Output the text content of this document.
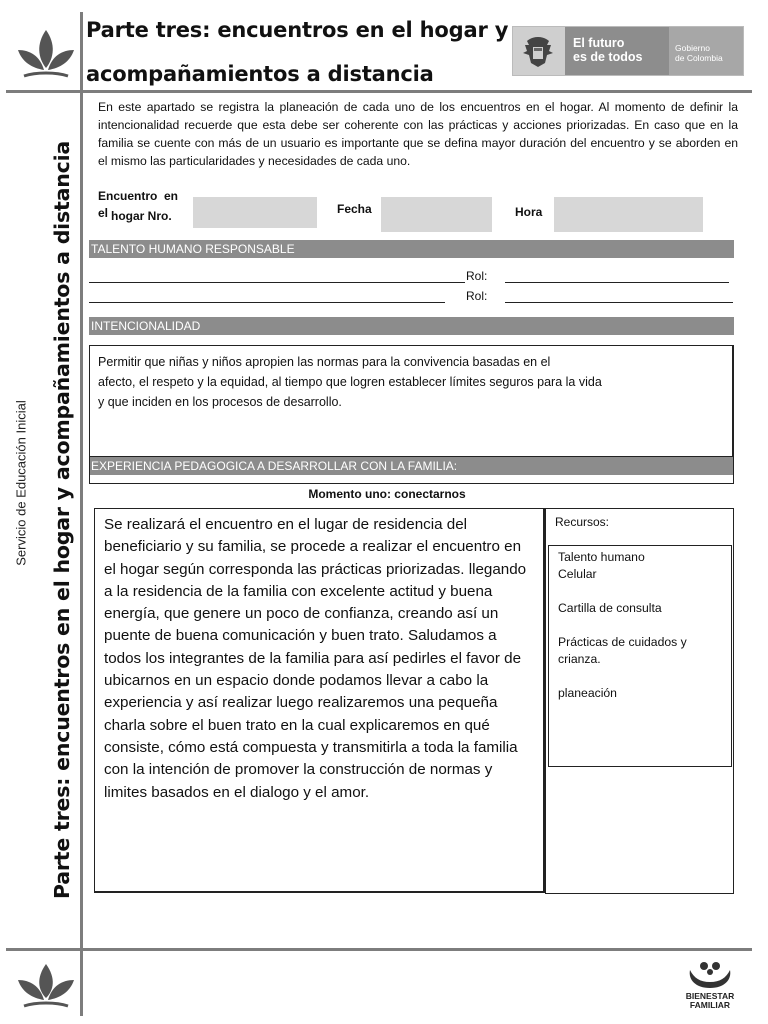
Parte tres: encuentros en el hogar y
acompañamientos a distancia
El futuro
es de todos
Gobierno
de Colombia
Parte tres: encuentros en el hogar y acompañamientos a distancia
Servicio de Educación Inicial
En este apartado se registra la planeación de cada uno de los encuentros en el hogar. Al momento de definir la intencionalidad recuerde que esta debe ser coherente con las prácticas y acciones priorizadas. En caso que en la familia se cuente con más de un usuario es importante que se defina mayor duración del encuentro y se aborden en el mismo las particularidades y necesidades de cada uno.
Encuentro  en
el hogar Nro.	Fecha	Hora
TALENTO HUMANO RESPONSABLE
Rol:
Rol:
INTENCIONALIDAD
Permitir que niñas y niños apropien las normas para la convivencia basadas en el
afecto, el respeto y la equidad, al tiempo que logren establecer límites seguros para la vida
y que inciden en los procesos de desarrollo.
EXPERIENCIA PEDAGOGICA A DESARROLLAR CON LA FAMILIA:
Momento uno: conectarnos
Se realizará el encuentro en el lugar de residencia del beneficiario y su familia, se procede a realizar el encuentro en el hogar según corresponda las prácticas priorizadas. llegando a la residencia de la familia con excelente actitud y buena energía, que genere un poco de confianza, creando así un puente de buena comunicación y buen trato. Saludamos a todos los integrantes de la familia para así pedirles el favor de ubicarnos en un espacio donde podamos llevar a cabo la experiencia y así realizar luego realizaremos una pequeña charla sobre el buen trato en la cual explicaremos en qué consiste, cómo está compuesta y transmitirla a toda la familia con la intención de promover la construcción de normas y limites basados en el dialogo y el amor.
Recursos:
Talento humano
Celular
Cartilla de consulta
Prácticas de cuidados y
crianza.
planeación
BIENESTAR
FAMILIAR
